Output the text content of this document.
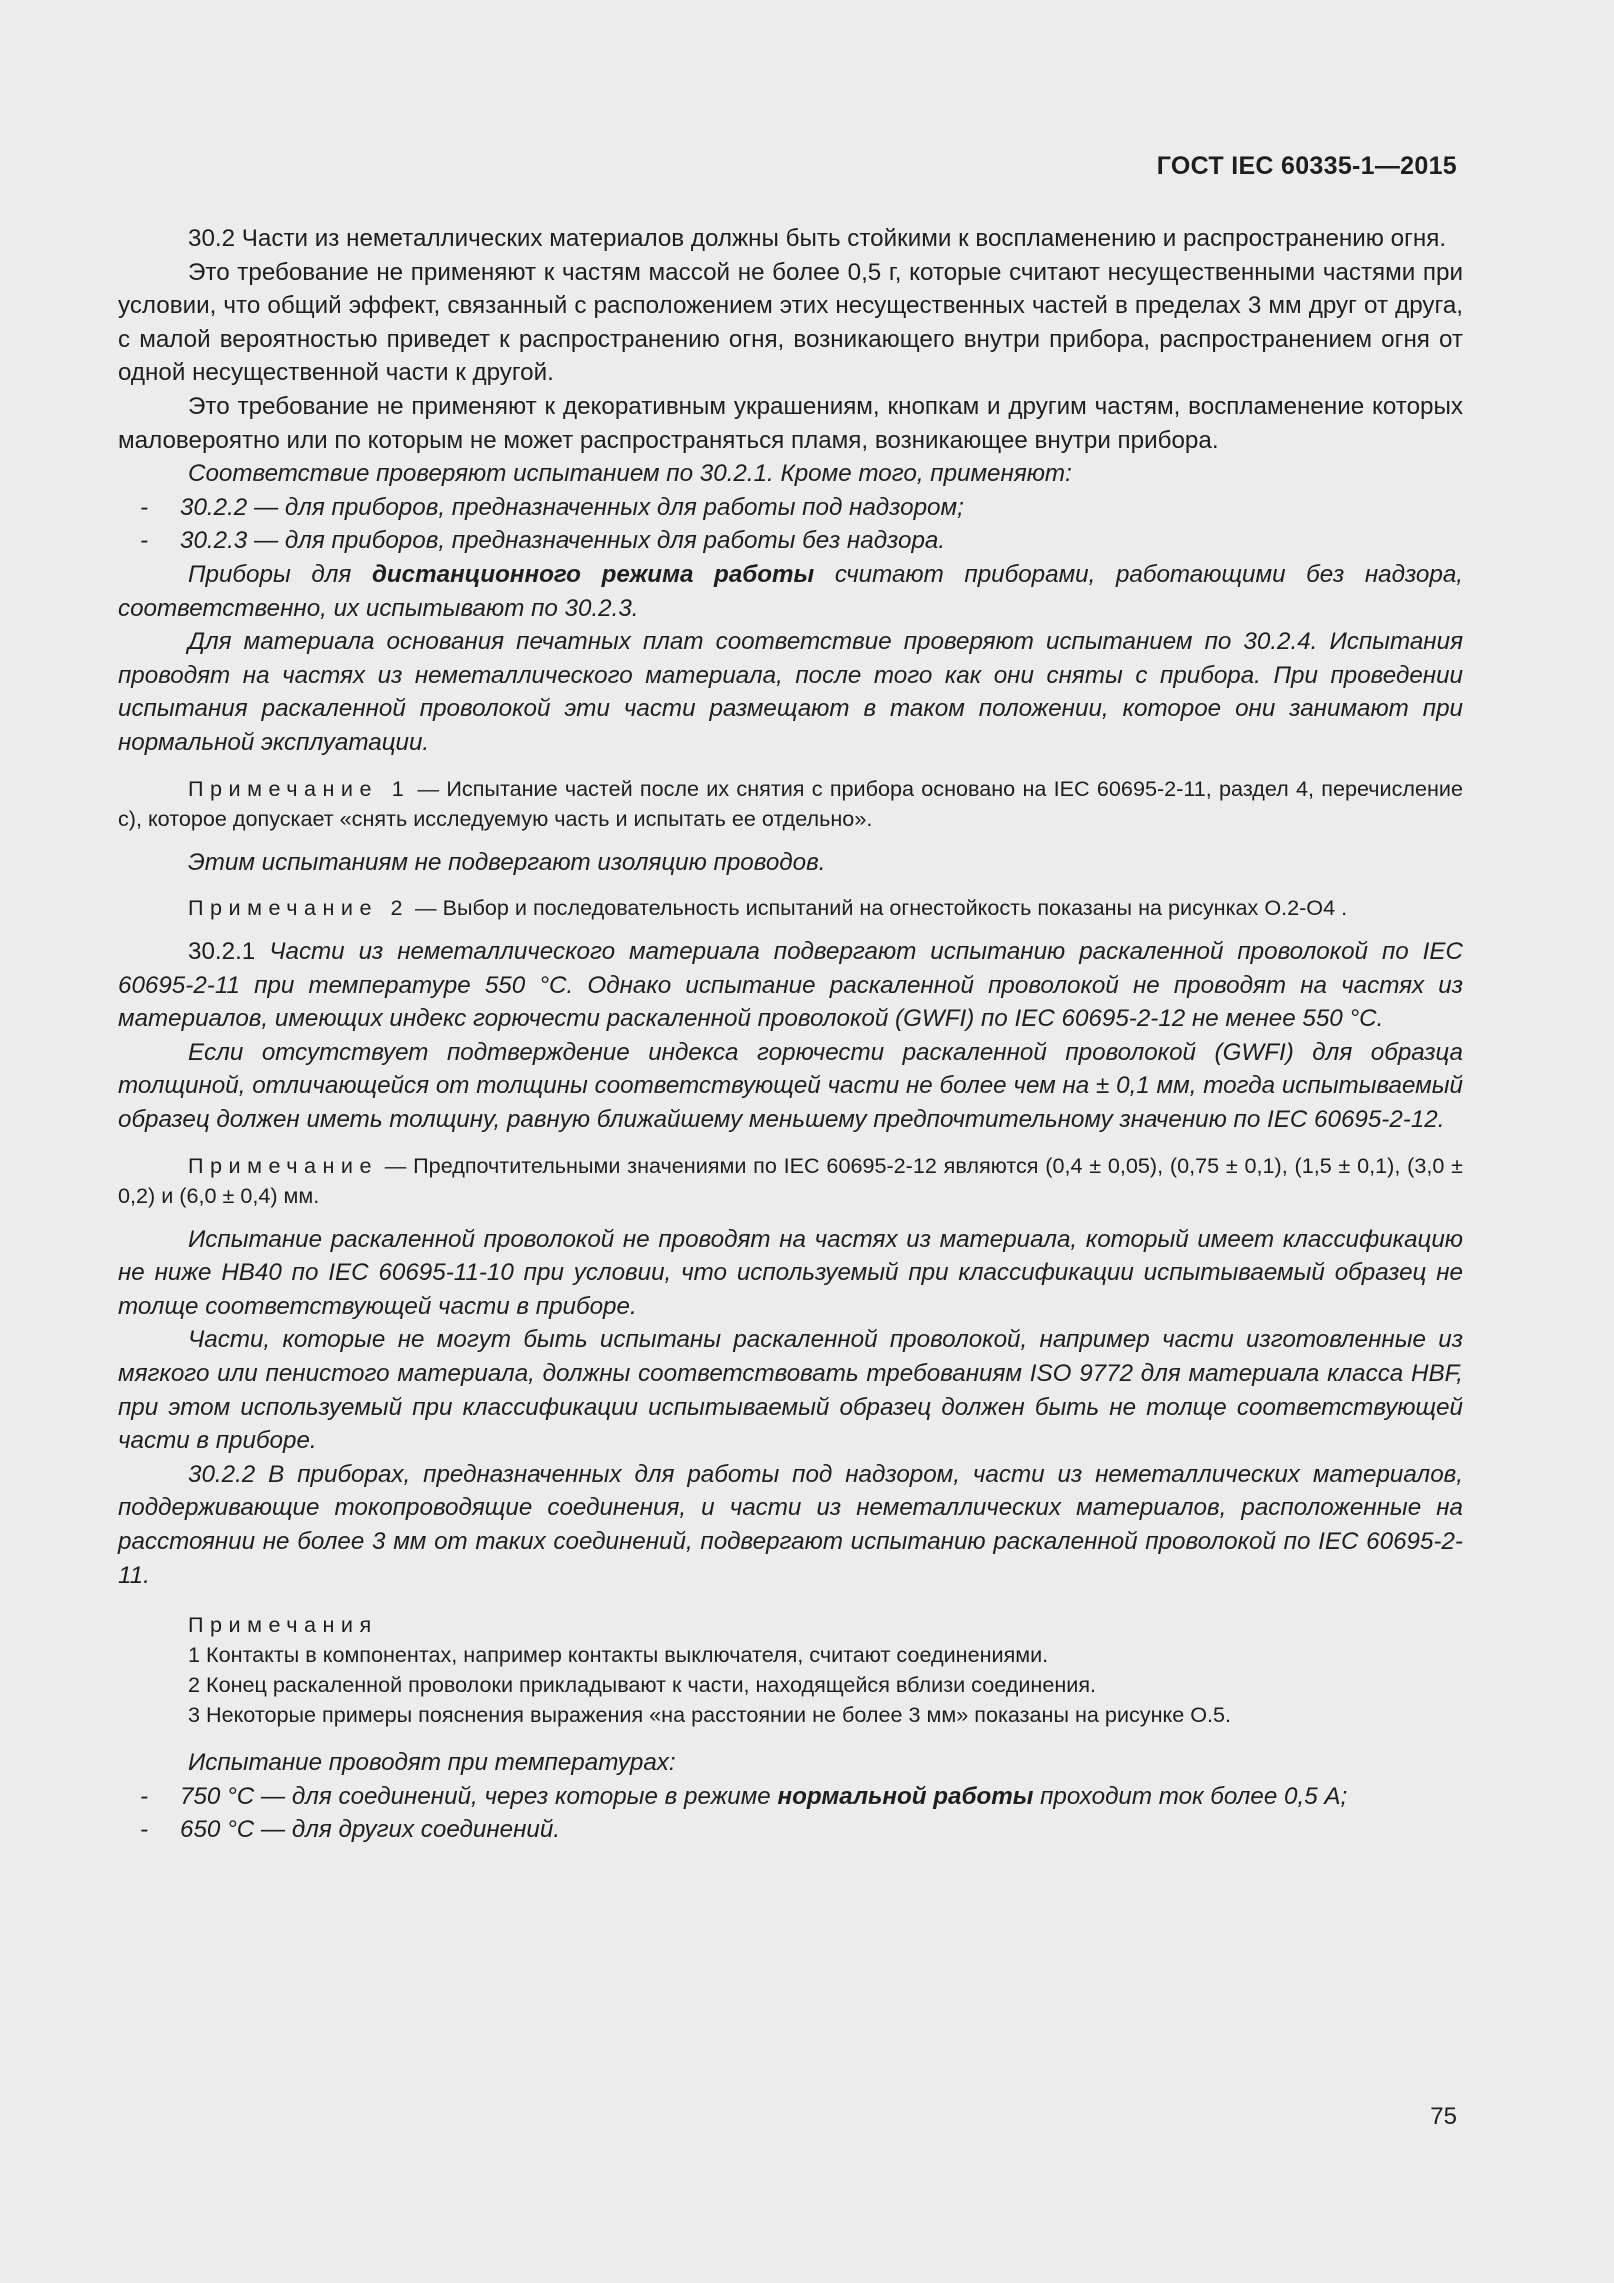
ГОСТ IEC 60335-1—2015

30.2 Части из неметаллических материалов должны быть стойкими к воспламенению и распространению огня.

Это требование не применяют к частям массой не более 0,5 г, которые считают несущественными частями при условии, что общий эффект, связанный с расположением этих несущественных частей в пределах 3 мм друг от друга, с малой вероятностью приведет к распространению огня, возникающего внутри прибора, распространением огня от одной несущественной части к другой.

Это требование не применяют к декоративным украшениям, кнопкам и другим частям, воспламенение которых маловероятно или по которым не может распространяться пламя, возникающее внутри прибора.

Соответствие проверяют испытанием по 30.2.1. Кроме того, применяют:

- 30.2.2 — для приборов, предназначенных для работы под надзором;

- 30.2.3 — для приборов, предназначенных для работы без надзора.

Приборы для дистанционного режима работы считают приборами, работающими без надзора, соответственно, их испытывают по 30.2.3.

Для материала основания печатных плат соответствие проверяют испытанием по 30.2.4. Испытания проводят на частях из неметаллического материала, после того как они сняты с прибора. При проведении испытания раскаленной проволокой эти части размещают в таком положении, которое они занимают при нормальной эксплуатации.

Примечание 1 — Испытание частей после их снятия с прибора основано на IEC 60695-2-11, раздел 4, перечисление с), которое допускает «снять исследуемую часть и испытать ее отдельно».

Этим испытаниям не подвергают изоляцию проводов.

Примечание 2 — Выбор и последовательность испытаний на огнестойкость показаны на рисунках О.2-О4 .

30.2.1 Части из неметаллического материала подвергают испытанию раскаленной проволокой по IEC 60695-2-11 при температуре 550 °С. Однако испытание раскаленной проволокой не проводят на частях из материалов, имеющих индекс горючести раскаленной проволокой (GWFI) по IEC 60695-2-12 не менее 550 °С.

Если отсутствует подтверждение индекса горючести раскаленной проволокой (GWFI) для образца толщиной, отличающейся от толщины соответствующей части не более чем на ± 0,1 мм, тогда испытываемый образец должен иметь толщину, равную ближайшему меньшему предпочтительному значению по IEC 60695-2-12.

Примечание — Предпочтительными значениями по IEC 60695-2-12 являются (0,4 ± 0,05), (0,75 ± 0,1), (1,5 ± 0,1), (3,0 ± 0,2) и (6,0 ± 0,4) мм.

Испытание раскаленной проволокой не проводят на частях из материала, который имеет классификацию не ниже НВ40 по IEC 60695-11-10 при условии, что используемый при классификации испытываемый образец не толще соответствующей части в приборе.

Части, которые не могут быть испытаны раскаленной проволокой, например части изготовленные из мягкого или пенистого материала, должны соответствовать требованиям ISO 9772 для материала класса HBF, при этом используемый при классификации испытываемый образец должен быть не толще соответствующей части в приборе.

30.2.2 В приборах, предназначенных для работы под надзором, части из неметаллических материалов, поддерживающие токопроводящие соединения, и части из неметаллических материалов, расположенные на расстоянии не более 3 мм от таких соединений, подвергают испытанию раскаленной проволокой по IEC 60695-2-11.

Примечания
1 Контакты в компонентах, например контакты выключателя, считают соединениями.
2 Конец раскаленной проволоки прикладывают к части, находящейся вблизи соединения.
3 Некоторые примеры пояснения выражения «на расстоянии не более 3 мм» показаны на рисунке О.5.

Испытание проводят при температурах:

- 750 °С — для соединений, через которые в режиме нормальной работы проходит ток более 0,5 А;

- 650 °С — для других соединений.

75
